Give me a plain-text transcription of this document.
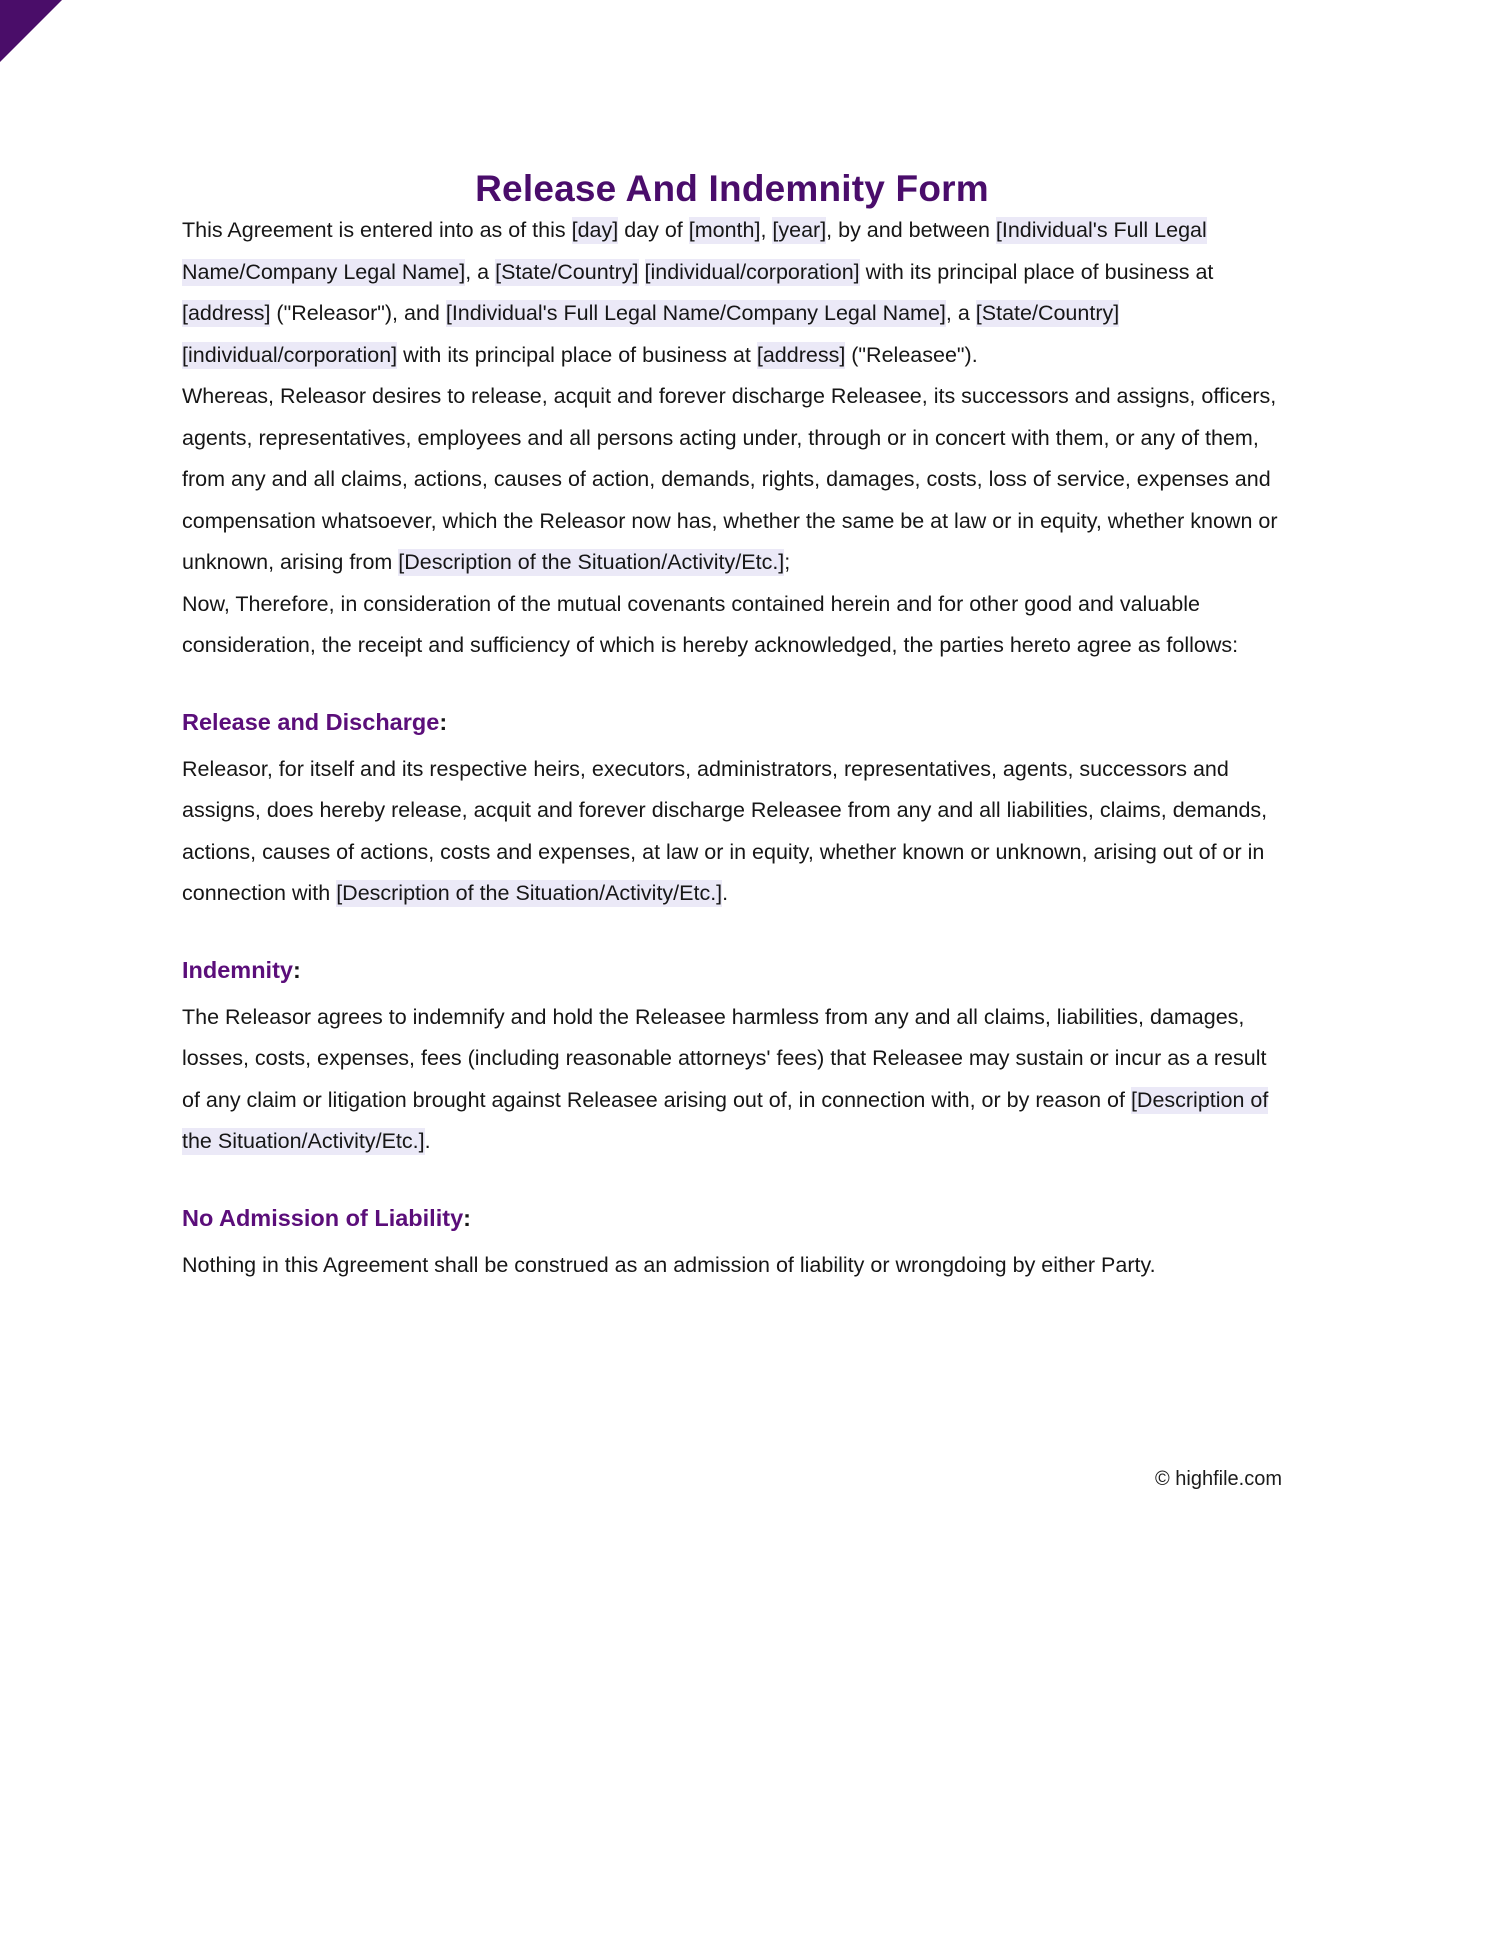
Release And Indemnity Form

This Agreement is entered into as of this [day] day of [month], [year], by and between [Individual's Full Legal Name/Company Legal Name], a [State/Country] [individual/corporation] with its principal place of business at [address] ("Releasor"), and [Individual's Full Legal Name/Company Legal Name], a [State/Country] [individual/corporation] with its principal place of business at [address] ("Releasee").

Whereas, Releasor desires to release, acquit and forever discharge Releasee, its successors and assigns, officers, agents, representatives, employees and all persons acting under, through or in concert with them, or any of them, from any and all claims, actions, causes of action, demands, rights, damages, costs, loss of service, expenses and compensation whatsoever, which the Releasor now has, whether the same be at law or in equity, whether known or unknown, arising from [Description of the Situation/Activity/Etc.];

Now, Therefore, in consideration of the mutual covenants contained herein and for other good and valuable consideration, the receipt and sufficiency of which is hereby acknowledged, the parties hereto agree as follows:

Release and Discharge:

Releasor, for itself and its respective heirs, executors, administrators, representatives, agents, successors and assigns, does hereby release, acquit and forever discharge Releasee from any and all liabilities, claims, demands, actions, causes of actions, costs and expenses, at law or in equity, whether known or unknown, arising out of or in connection with [Description of the Situation/Activity/Etc.].

Indemnity:

The Releasor agrees to indemnify and hold the Releasee harmless from any and all claims, liabilities, damages, losses, costs, expenses, fees (including reasonable attorneys' fees) that Releasee may sustain or incur as a result of any claim or litigation brought against Releasee arising out of, in connection with, or by reason of [Description of the Situation/Activity/Etc.].

No Admission of Liability:

Nothing in this Agreement shall be construed as an admission of liability or wrongdoing by either Party.

© highfile.com
